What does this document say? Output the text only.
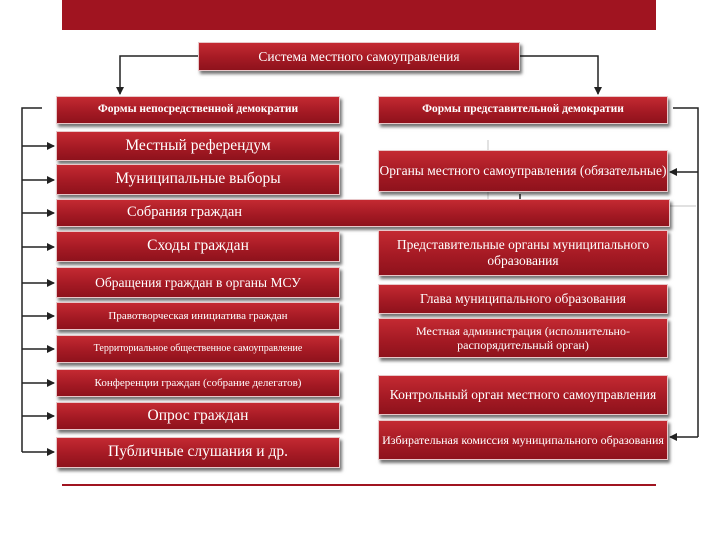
Система местного самоуправления
Формы непосредственной демократии	Формы представительной демократии
Местный референдум
Муниципальные выборы
Собрания граждан
Сходы граждан
Обращения граждан в органы МСУ
Правотворческая инициатива граждан
Территориальное общественное самоуправление
Конференции граждан (собрание делегатов)
Опрос граждан
Публичные слушания и др.
Органы местного самоуправления (обязательные)
Представительные органы муниципального образования
Глава муниципального образования
Местная администрация (исполнительно-распорядительный орган)
Контрольный орган местного самоуправления
Избирательная комиссия муниципального образования
